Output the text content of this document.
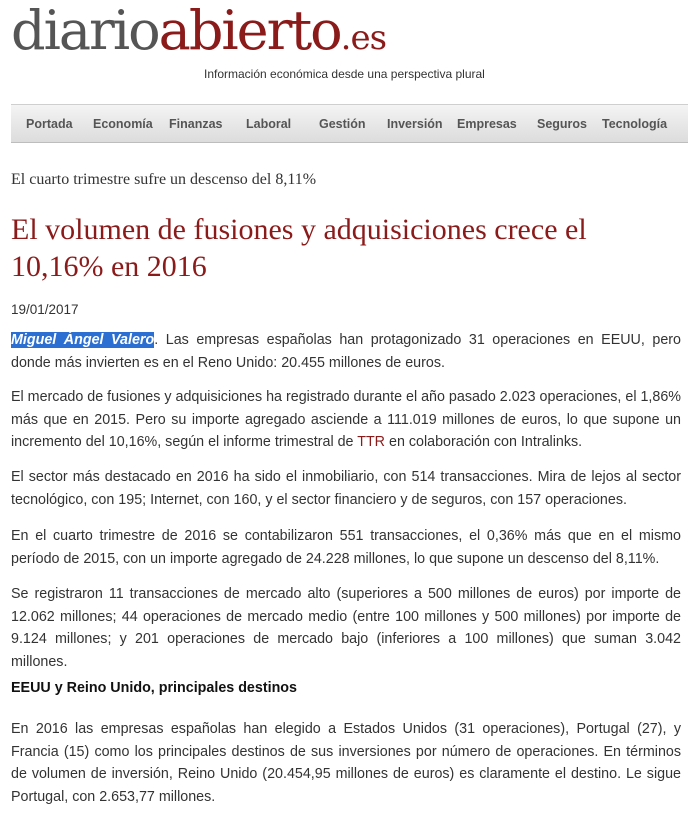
diarioabierto.es
Información económica desde una perspectiva plural
Portada Economía Finanzas Laboral Gestión Inversión Empresas Seguros Tecnología
El cuarto trimestre sufre un descenso del 8,11%
El volumen de fusiones y adquisiciones crece el 10,16% en 2016
19/01/2017

Miguel Ángel Valero. Las empresas españolas han protagonizado 31 operaciones en EEUU, pero donde más invierten es en el Reno Unido: 20.455 millones de euros.

El mercado de fusiones y adquisiciones ha registrado durante el año pasado 2.023 operaciones, el 1,86% más que en 2015. Pero su importe agregado asciende a 111.019 millones de euros, lo que supone un incremento del 10,16%, según el informe trimestral de TTR en colaboración con Intralinks.

El sector más destacado en 2016 ha sido el inmobiliario, con 514 transacciones. Mira de lejos al sector tecnológico, con 195; Internet, con 160, y el sector financiero y de seguros, con 157 operaciones.

En el cuarto trimestre de 2016 se contabilizaron 551 transacciones, el 0,36% más que en el mismo período de 2015, con un importe agregado de 24.228 millones, lo que supone un descenso del 8,11%.

Se registraron 11 transacciones de mercado alto (superiores a 500 millones de euros) por importe de 12.062 millones; 44 operaciones de mercado medio (entre 100 millones y 500 millones) por importe de 9.124 millones; y 201 operaciones de mercado bajo (inferiores a 100 millones) que suman 3.042 millones.

EEUU y Reino Unido, principales destinos

En 2016 las empresas españolas han elegido a Estados Unidos (31 operaciones), Portugal (27), y Francia (15) como los principales destinos de sus inversiones por número de operaciones. En términos de volumen de inversión, Reino Unido (20.454,95 millones de euros) es claramente el destino. Le sigue Portugal, con 2.653,77 millones.
